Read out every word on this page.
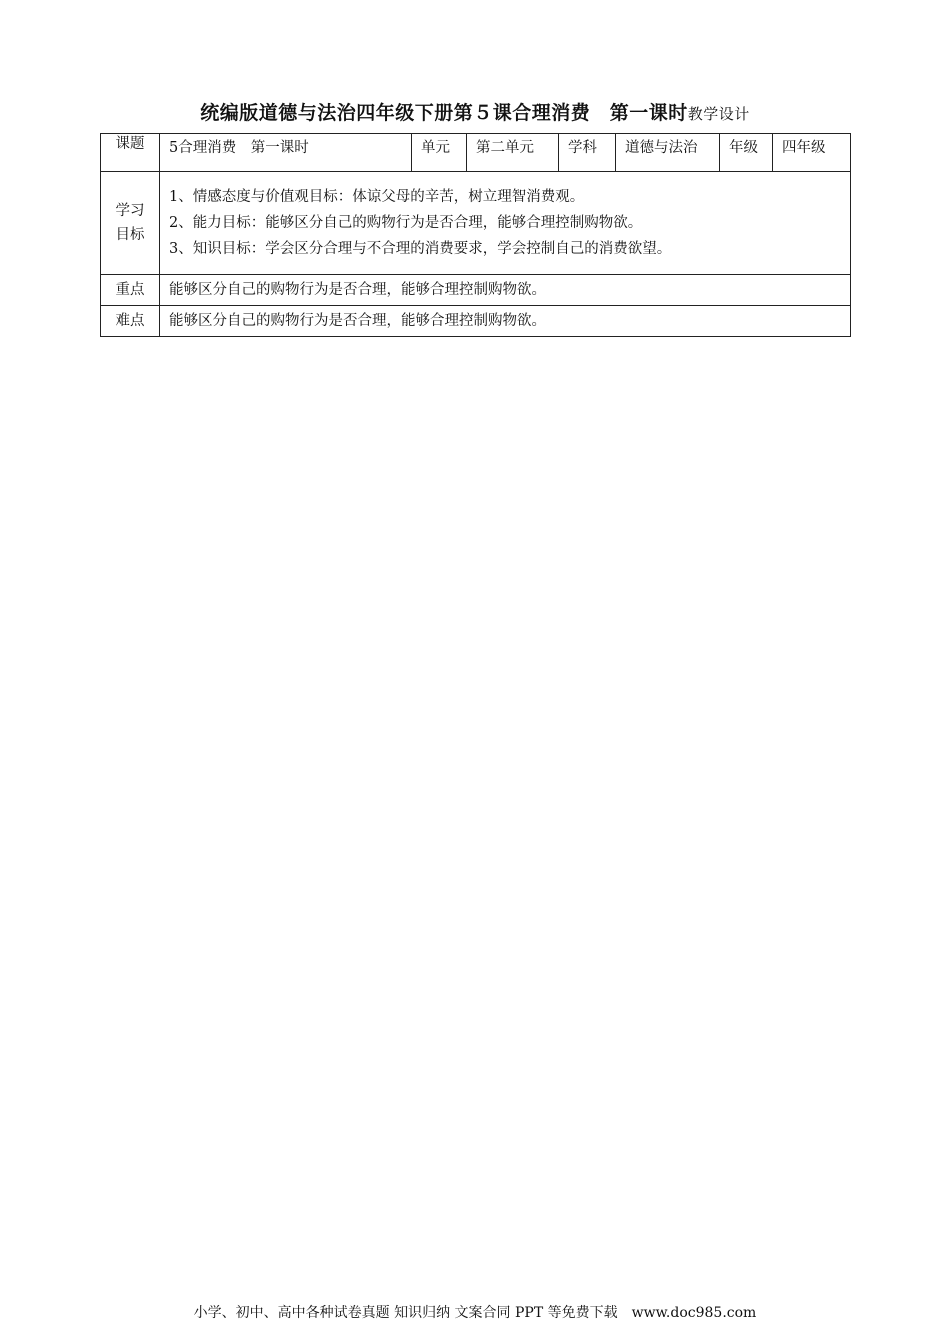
统编版道德与法治四年级下册第５课合理消费　第一课时教学设计
课题	5合理消费　第一课时	单元	第二单元	学科	道德与法治	年级	四年级

学习
目标	1、情感态度与价值观目标：体谅父母的辛苦，树立理智消费观。
2、能力目标：能够区分自己的购物行为是否合理，能够合理控制购物欲。
3、知识目标：学会区分合理与不合理的消费要求，学会控制自己的消费欲望。						

重点	能够区分自己的购物行为是否合理，能够合理控制购物欲。						
难点	能够区分自己的购物行为是否合理，能够合理控制购物欲。						
小学、初中、高中各种试卷真题 知识归纳 文案合同 PPT 等免费下载　www.doc985.com
